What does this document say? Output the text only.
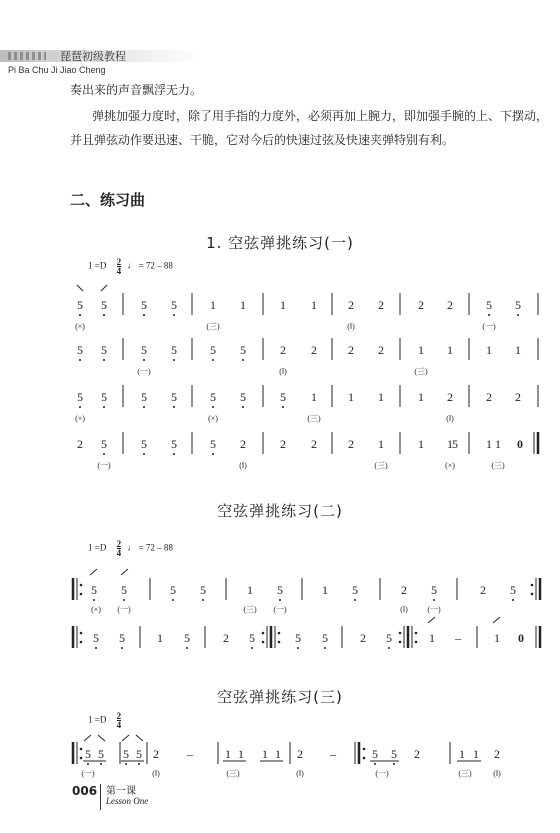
琵琶初级教程
Pi Ba Chu Ji Jiao Cheng
奏出来的声音飘浮无力。
弹挑加强力度时，除了用手指的力度外，必须再加上腕力，即加强手腕的上、下摆动，
并且弹弦动作要迅速、干脆，它对今后的快速过弦及快速夹弹特别有利。
二、练习曲
1. 空弦弹挑练习(一)
$1 =D \frac{2}{4}$ ♩ = 72 – 88
空弦弹挑练习(二)
$1 =D \frac{2}{4}$ ♩ = 72 – 88
空弦弹挑练习(三)
$1 =D \frac{2}{4}$
5 5	5 5	1 1	1 1	2 2	2 2	5 5
(×)	(三)	(‖)	(一)
5 5	5 5	5 5	2 2	2 2	1 1	1 1
(一)	(‖)	(三)
5 5	5 5	5 5	5 1	1 1	1 2	2 2
(×)	(×)	(三)	(‖)
2 5	5 5	5 2	2 2	2 1	1 1	1
5	1 0
(一)	(‖)	(三)	(×)	(三)
5 5	5 5	1 5	1 5	2 5	2 5
5 5	1 5	2 5	5 5	2 5	1 –	1 0
5 5 5 5 2 –	1 1 1 1 2 –	5 5 2	1 1 2
(×) (一)	(三) (一)	(‖) (一)
(一)	(‖)	(三)	(‖)	(一)	(三)	(‖)
006 第一课
Lesson One
